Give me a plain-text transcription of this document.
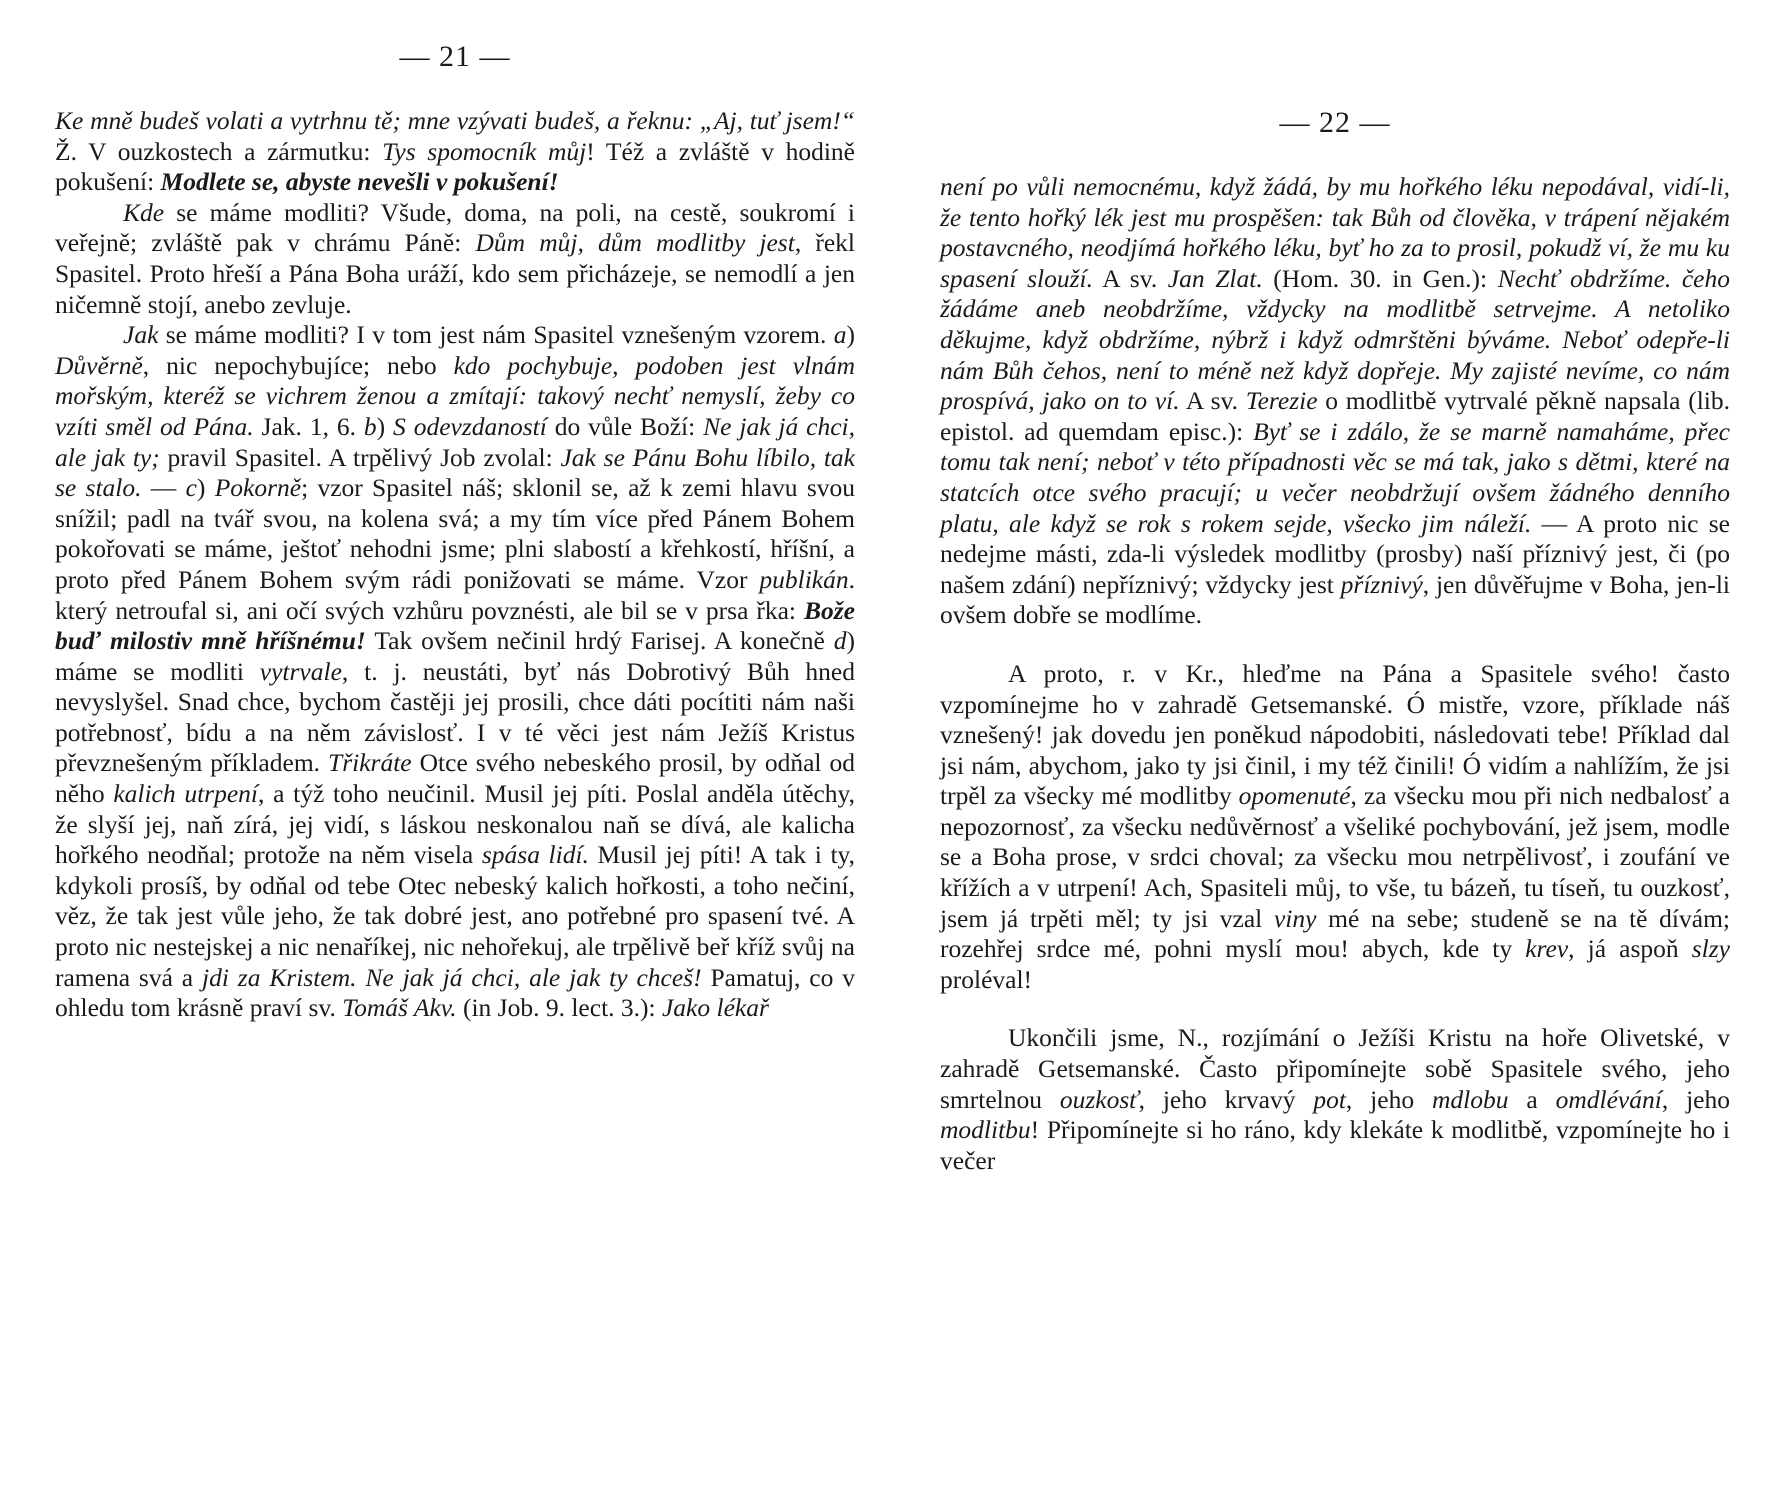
— 21 —

Ke mně budeš volati a vytrhnu tě; mne vzývati budeš, a řeknu: „Aj, tuť jsem!“ Ž. V ouzkostech a zármutku: Tys spomocník můj! Též a zvláště v hodině pokušení: Modlete se, abyste nevešli v pokušení!

Kde se máme modliti? Všude, doma, na poli, na cestě, soukromí i veřejně; zvláště pak v chrámu Páně: Dům můj, dům modlitby jest, řekl Spasitel. Proto hřeší a Pána Boha uráží, kdo sem přicházeje, se nemodlí a jen ničemně stojí, anebo zevluje.

Jak se máme modliti? I v tom jest nám Spasitel vznešeným vzorem. a) Důvěrně, nic nepochybujíce; nebo kdo pochybuje, podoben jest vlnám mořským, kteréž se vichrem ženou a zmítají: takový nechť nemyslí, žeby co vzíti směl od Pána. Jak. 1, 6. b) S odevzdaností do vůle Boží: Ne jak já chci, ale jak ty; pravil Spasitel. A trpělivý Job zvolal: Jak se Pánu Bohu líbilo, tak se stalo. — c) Pokorně; vzor Spasitel náš; sklonil se, až k zemi hlavu svou snížil; padl na tvář svou, na kolena svá; a my tím více před Pánem Bohem pokořovati se máme, ještoť nehodni jsme; plni slabostí a křehkostí, hříšní, a proto před Pánem Bohem svým rádi ponižovati se máme. Vzor publikán. který netroufal si, ani očí svých vzhůru povznésti, ale bil se v prsa řka: Bože buď milostiv mně hříšnému! Tak ovšem nečinil hrdý Farisej. A konečně d) máme se modliti vytrvale, t. j. neustáti, byť nás Dobrotivý Bůh hned nevyslyšel. Snad chce, bychom častěji jej prosili, chce dáti pocítiti nám naši potřebnosť, bídu a na něm závislosť. I v té věci jest nám Ježíš Kristus převznešeným příkladem. Třikráte Otce svého nebeského prosil, by odňal od něho kalich utrpení, a týž toho neučinil. Musil jej píti. Poslal anděla útěchy, že slyší jej, naň zírá, jej vidí, s láskou neskonalou naň se dívá, ale kalicha hořkého neodňal; protože na něm visela spása lidí. Musil jej píti! A tak i ty, kdykoli prosíš, by odňal od tebe Otec nebeský kalich hořkosti, a toho nečiní, věz, že tak jest vůle jeho, že tak dobré jest, ano potřebné pro spasení tvé. A proto nic nestejskej a nic nenaříkej, nic nehořekuj, ale trpělivě beř kříž svůj na ramena svá a jdi za Kristem. Ne jak já chci, ale jak ty chceš! Pamatuj, co v ohledu tom krásně praví sv. Tomáš Akv. (in Job. 9. lect. 3.): Jako lékař

— 22 —

není po vůli nemocnému, když žádá, by mu hořkého léku nepodával, vidí-li, že tento hořký lék jest mu prospěšen: tak Bůh od člověka, v trápení nějakém postavcného, neodjímá hořkého léku, byť ho za to prosil, pokudž ví, že mu ku spasení slouží. A sv. Jan Zlat. (Hom. 30. in Gen.): Nechť obdržíme. čeho žádáme aneb neobdržíme, vždycky na modlitbě setrvejme. A netoliko děkujme, když obdržíme, nýbrž i když odmrštěni býváme. Neboť odepře-li nám Bůh čehos, není to méně než když dopřeje. My zajisté nevíme, co nám prospívá, jako on to ví. A sv. Terezie o modlitbě vytrvalé pěkně napsala (lib. epistol. ad quemdam episc.): Byť se i zdálo, že se marně namaháme, přec tomu tak není; neboť v této případnosti věc se má tak, jako s dětmi, které na statcích otce svého pracují; u večer neobdržují ovšem žádného denního platu, ale když se rok s rokem sejde, všecko jim náleží. — A proto nic se nedejme másti, zda-li výsledek modlitby (prosby) naší příznivý jest, či (po našem zdání) nepříznivý; vždycky jest příznivý, jen důvěřujme v Boha, jen-li ovšem dobře se modlíme.

A proto, r. v Kr., hleďme na Pána a Spasitele svého! často vzpomínejme ho v zahradě Getsemanské. Ó mistře, vzore, příklade náš vznešený! jak dovedu jen poněkud nápodobiti, následovati tebe! Příklad dal jsi nám, abychom, jako ty jsi činil, i my též činili! Ó vidím a nahlížím, že jsi trpěl za všecky mé modlitby opomenuté, za všecku mou při nich nedbalosť a nepozornosť, za všecku nedůvěrnosť a všeliké pochybování, jež jsem, modle se a Boha prose, v srdci choval; za všecku mou netrpělivosť, i zoufání ve křížích a v utrpení! Ach, Spasiteli můj, to vše, tu bázeň, tu tíseň, tu ouzkosť, jsem já trpěti měl; ty jsi vzal viny mé na sebe; studeně se na tě dívám; rozehřej srdce mé, pohni myslí mou! abych, kde ty krev, já aspoň slzy proléval!

Ukončili jsme, N., rozjímání o Ježíši Kristu na hoře Olivetské, v zahradě Getsemanské. Často připomínejte sobě Spasitele svého, jeho smrtelnou ouzkosť, jeho krvavý pot, jeho mdlobu a omdlévání, jeho modlitbu! Připomínejte si ho ráno, kdy klekáte k modlitbě, vzpomínejte ho i večer
